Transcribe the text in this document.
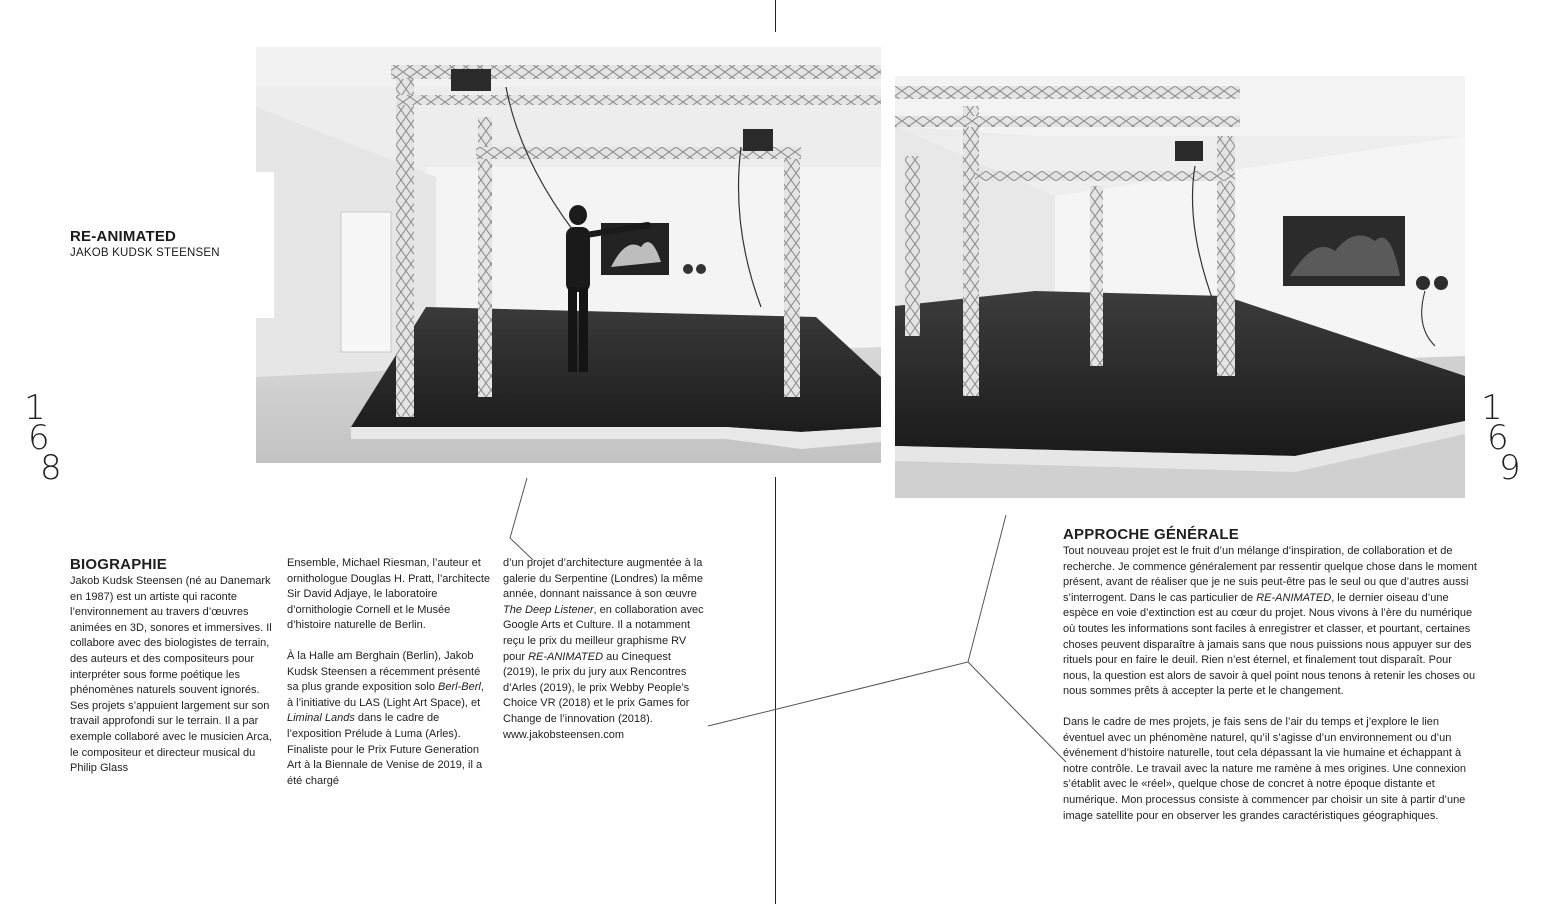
RE-ANIMATED

JAKOB KUDSK STEENSEN

1
6
8
1
6
9
BIOGRAPHIE

Jakob Kudsk Steensen (né au Danemark en 1987) est un artiste qui raconte l’environnement au travers d’œuvres animées en 3D, sonores et immersives. Il collabore avec des biologistes de terrain, des auteurs et des compositeurs pour interpréter sous forme poétique les phénomènes naturels souvent ignorés. Ses projets s’appuient largement sur son travail approfondi sur le terrain. Il a par exemple collaboré avec le musicien Arca, le compositeur et directeur musical du Philip Glass

Ensemble, Michael Riesman, l’auteur et ornithologue Douglas H. Pratt, l’architecte Sir David Adjaye, le laboratoire d’ornithologie Cornell et le Musée d’histoire naturelle de Berlin.

À la Halle am Berghain (Berlin), Jakob Kudsk Steensen a récemment présenté sa plus grande exposition solo Berl-Berl, à l’initiative du LAS (Light Art Space), et Liminal Lands dans le cadre de l’exposition Prélude à Luma (Arles). Finaliste pour le Prix Future Generation Art à la Biennale de Venise de 2019, il a été chargé

d’un projet d’architecture augmentée à la galerie du Serpentine (Londres) la même année, donnant naissance à son œuvre The Deep Listener, en collaboration avec Google Arts et Culture. Il a notamment reçu le prix du meilleur graphisme RV pour RE-ANIMATED au Cinequest (2019), le prix du jury aux Rencontres d’Arles (2019), le prix Webby People’s Choice VR (2018) et le prix Games for Change de l’innovation (2018).

www.jakobsteensen.com

APPROCHE GÉNÉRALE

Tout nouveau projet est le fruit d’un mélange d’inspiration, de collaboration et de recherche. Je commence généralement par ressentir quelque chose dans le moment présent, avant de réaliser que je ne suis peut-être pas le seul ou que d’autres aussi s’interrogent. Dans le cas particulier de RE-ANIMATED, le dernier oiseau d’une espèce en voie d’extinction est au cœur du projet. Nous vivons à l’ère du numérique où toutes les informations sont faciles à enregistrer et classer, et pourtant, certaines choses peuvent disparaître à jamais sans que nous puissions nous appuyer sur des rituels pour en faire le deuil. Rien n’est éternel, et finalement tout disparaît. Pour nous, la question est alors de savoir à quel point nous tenons à retenir les choses ou nous sommes prêts à accepter la perte et le changement.

Dans le cadre de mes projets, je fais sens de l’air du temps et j’explore le lien éventuel avec un phénomène naturel, qu’il s’agisse d’un environnement ou d’un événement d’histoire naturelle, tout cela dépassant la vie humaine et échappant à notre contrôle. Le travail avec la nature me ramène à mes origines. Une connexion s’établit avec le «réel», quelque chose de concret à notre époque distante et numérique. Mon processus consiste à commencer par choisir un site à partir d’une image satellite pour en observer les grandes caractéristiques géographiques.
